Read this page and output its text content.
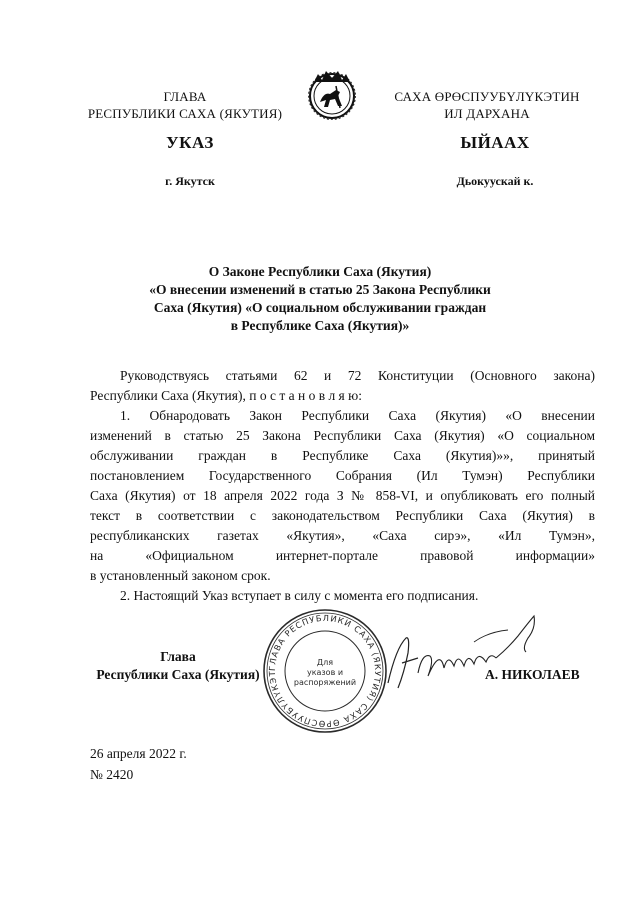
ГЛАВА
РЕСПУБЛИКИ САХА (ЯКУТИЯ)
САХА ӨРӨСПУУБҮЛҮКЭТИН
ИЛ ДАРХАНА
УКАЗ	ЫЙААХ
г. Якутск	Дьокуускай к.
О Законе Республики Саха (Якутия)
«О внесении изменений в статью 25 Закона Республики
Саха (Якутия) «О социальном обслуживании граждан
в Республике Саха (Якутия)»
Руководствуясь статьями 62 и 72 Конституции (Основного закона)
Республики Саха (Якутия), п о с т а н о в л я ю:
1. Обнародовать Закон Республики Саха (Якутия) «О внесении
изменений в статью 25 Закона Республики Саха (Якутия) «О социальном
обслуживании граждан в Республике Саха (Якутия)»», принятый
постановлением Государственного Собрания (Ил Тумэн) Республики
Саха (Якутия) от 18 апреля 2022 года З № 858-VI, и опубликовать его полный
текст в соответствии с законодательством Республики Саха (Якутия) в
республиканских газетах «Якутия», «Саха сирэ», «Ил Тумэн»,
на «Официальном интернет-портале правовой информации»
в установленный законом срок.
2. Настоящий Указ вступает в силу с момента его подписания.
ГЛАВА РЕСПУБЛИКИ САХА (ЯКУТИЯ) САХА ӨРӨСПУУБҮЛҮКЭТ
Для
указов и
распоряжений
Глава
Республики Саха (Якутия)	А. НИКОЛАЕВ
26 апреля 2022 г.
№ 2420
